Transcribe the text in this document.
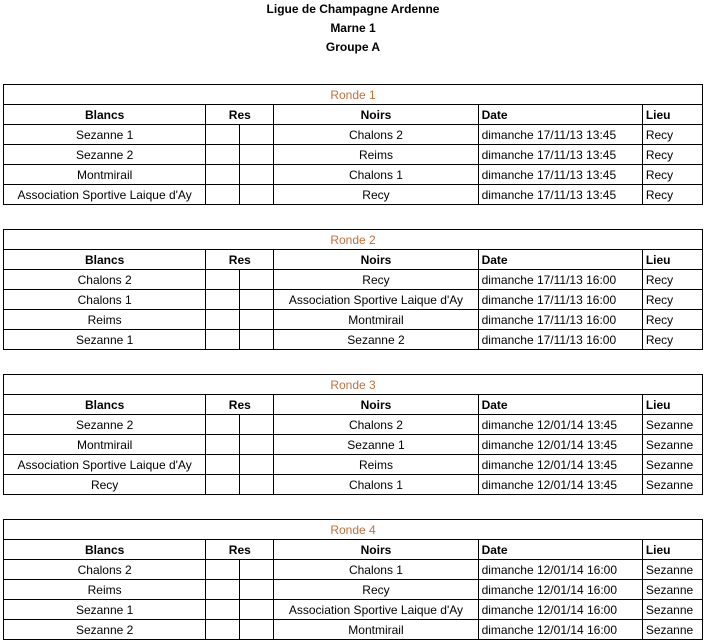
Ligue de Champagne Ardenne
Marne 1
Groupe A
Ronde 1					
Blancs	Res		Noirs	Date	Lieu
Sezanne 1			Chalons 2	dimanche 17/11/13 13:45	Recy
Sezanne 2			Reims	dimanche 17/11/13 13:45	Recy
Montmirail			Chalons 1	dimanche 17/11/13 13:45	Recy
Association Sportive Laique d'Ay			Recy	dimanche 17/11/13 13:45	Recy
Ronde 2					
Blancs	Res		Noirs	Date	Lieu
Chalons 2			Recy	dimanche 17/11/13 16:00	Recy
Chalons 1			Association Sportive Laique d'Ay	dimanche 17/11/13 16:00	Recy
Reims			Montmirail	dimanche 17/11/13 16:00	Recy
Sezanne 1			Sezanne 2	dimanche 17/11/13 16:00	Recy
Ronde 3					
Blancs	Res		Noirs	Date	Lieu
Sezanne 2			Chalons 2	dimanche 12/01/14 13:45	Sezanne
Montmirail			Sezanne 1	dimanche 12/01/14 13:45	Sezanne
Association Sportive Laique d'Ay			Reims	dimanche 12/01/14 13:45	Sezanne
Recy			Chalons 1	dimanche 12/01/14 13:45	Sezanne
Ronde 4					
Blancs	Res		Noirs	Date	Lieu
Chalons 2			Chalons 1	dimanche 12/01/14 16:00	Sezanne
Reims			Recy	dimanche 12/01/14 16:00	Sezanne
Sezanne 1			Association Sportive Laique d'Ay	dimanche 12/01/14 16:00	Sezanne
Sezanne 2			Montmirail	dimanche 12/01/14 16:00	Sezanne
